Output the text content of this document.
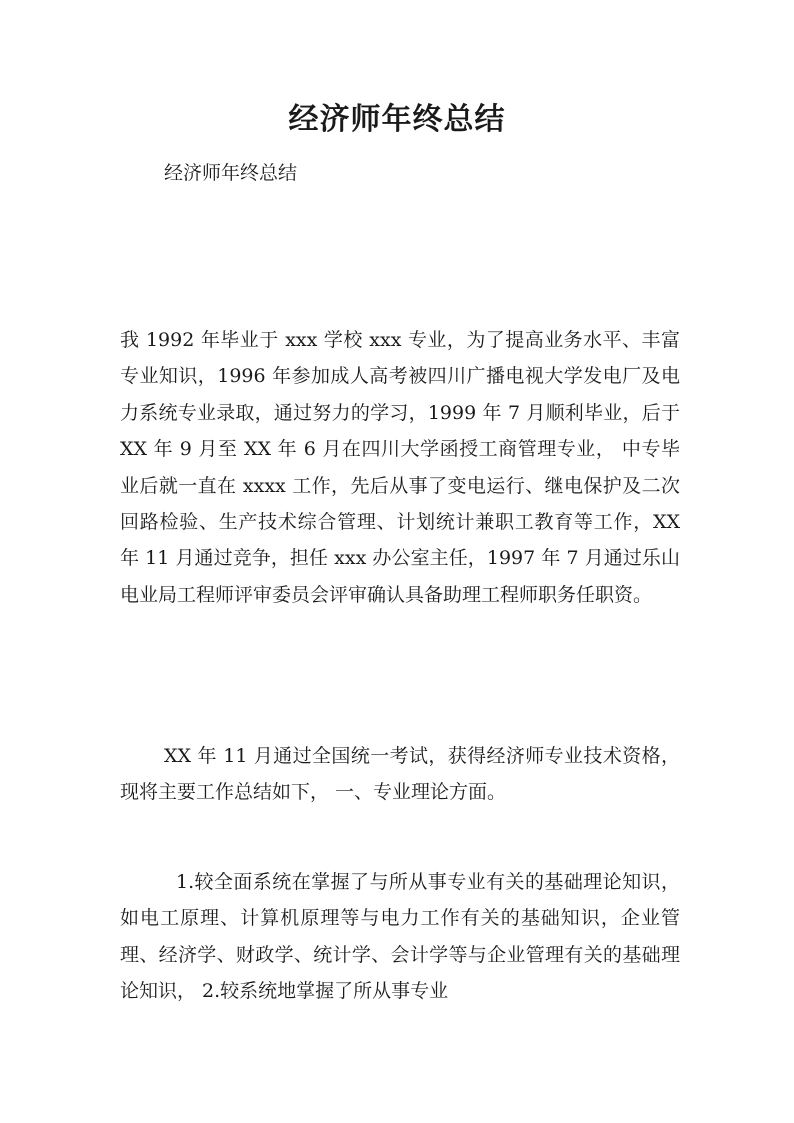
经济师年终总结
经济师年终总结

我 1992 年毕业于 xxx 学校 xxx 专业，为了提高业务水平、丰富专业知识，1996 年参加成人高考被四川广播电视大学发电厂及电力系统专业录取，通过努力的学习，1999 年 7 月顺利毕业，后于 XX 年 9 月至 XX 年 6 月在四川大学函授工商管理专业， 中专毕业后就一直在 xxxx 工作，先后从事了变电运行、继电保护及二次回路检验、生产技术综合管理、计划统计兼职工教育等工作，XX 年 11 月通过竞争，担任 xxx 办公室主任，1997 年 7 月通过乐山电业局工程师评审委员会评审确认具备助理工程师职务任职资。

XX 年 11 月通过全国统一考试，获得经济师专业技术资格，现将主要工作总结如下， 一、专业理论方面。

1.较全面系统在掌握了与所从事专业有关的基础理论知识，如电工原理、计算机原理等与电力工作有关的基础知识，企业管理、经济学、财政学、统计学、会计学等与企业管理有关的基础理论知识， 2.较系统地掌握了所从事专业
